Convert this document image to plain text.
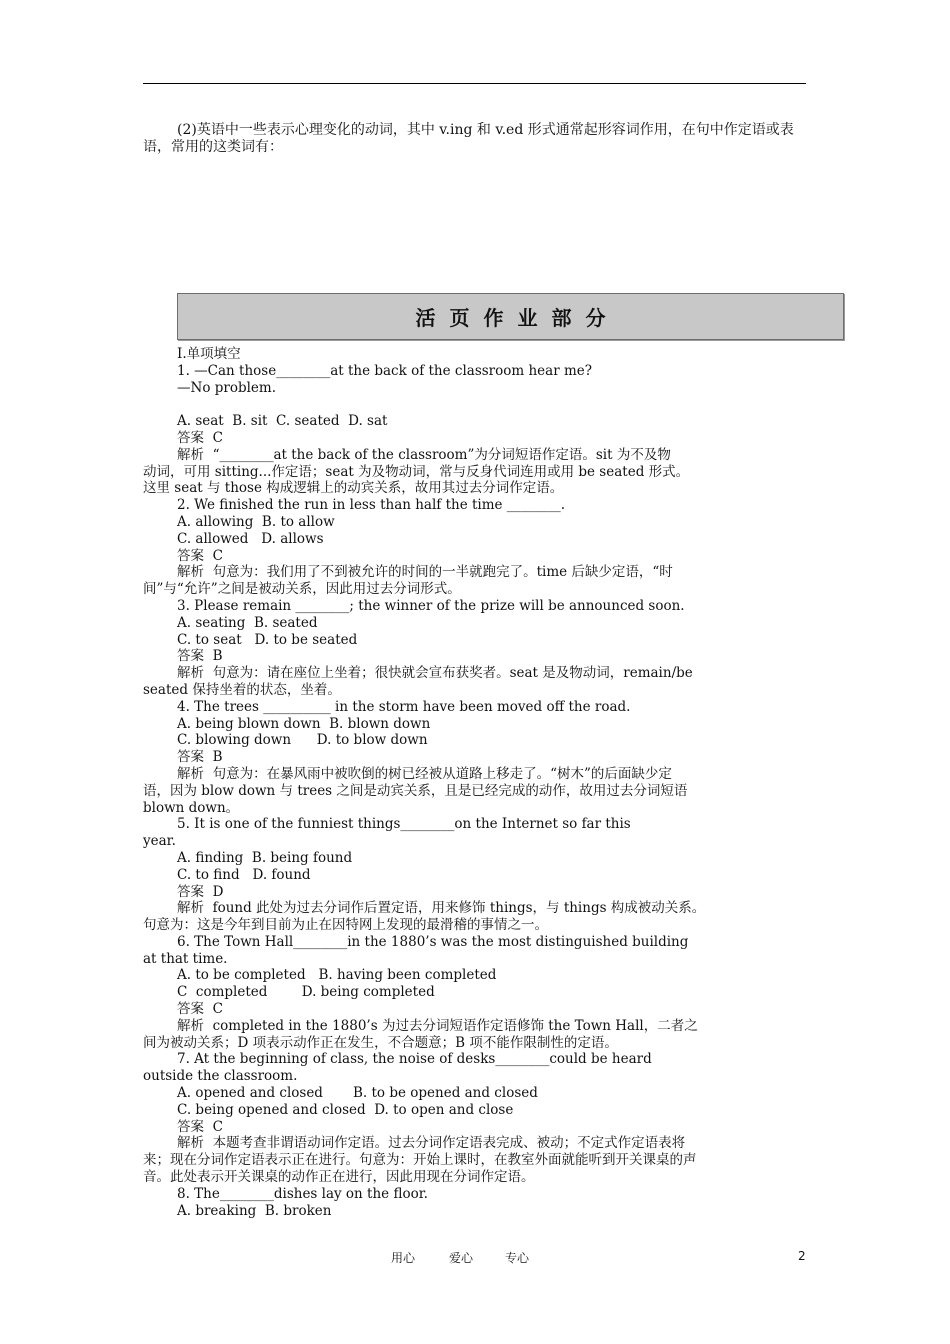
(2)英语中一些表示心理变化的动词，其中 v.ing 和 v.ed 形式通常起形容词作用，在句中作定语或表语，常用的这类词有：

活页作业部分
Ⅰ.单项填空
1. —Can those________at the back of the classroom hear me?
—No problem.
A. seat  B. sit  C. seated  D. sat
答案  C
解析  “________at the back of the classroom”为分词短语作定语。sit 为不及物
动词，可用 sitting...作定语；seat 为及物动词，常与反身代词连用或用 be seated 形式。
这里 seat 与 those 构成逻辑上的动宾关系，故用其过去分词作定语。
2. We finished the run in less than half the time ________.
A. allowing  B. to allow
C. allowed   D. allows
答案  C
解析  句意为：我们用了不到被允许的时间的一半就跑完了。time 后缺少定语，“时
间”与“允许”之间是被动关系，因此用过去分词形式。
3. Please remain ________; the winner of the prize will be announced soon.
A. seating  B. seated
C. to seat   D. to be seated
答案  B
解析  句意为：请在座位上坐着；很快就会宣布获奖者。seat 是及物动词，remain/be
seated 保持坐着的状态，坐着。
4. The trees __________ in the storm have been moved off the road.
A. being blown down  B. blown down
C. blowing down      D. to blow down
答案  B
解析  句意为：在暴风雨中被吹倒的树已经被从道路上移走了。“树木”的后面缺少定
语，因为 blow down 与 trees 之间是动宾关系，且是已经完成的动作，故用过去分词短语
blown down。
5. It is one of the funniest things________on the Internet so far this
year.
A. finding  B. being found
C. to find   D. found
答案  D
解析  found 此处为过去分词作后置定语，用来修饰 things，与 things 构成被动关系。
句意为：这是今年到目前为止在因特网上发现的最滑稽的事情之一。
6. The Town Hall________in the 1880’s was the most distinguished building
at that time.
A. to be completed   B. having been completed
C  completed        D. being completed
答案  C
解析  completed in the 1880’s 为过去分词短语作定语修饰 the Town Hall，二者之
间为被动关系；D 项表示动作正在发生，不合题意；B 项不能作限制性的定语。
7. At the beginning of class, the noise of desks________could be heard
outside the classroom.
A. opened and closed       B. to be opened and closed
C. being opened and closed  D. to open and close
答案  C
解析  本题考查非谓语动词作定语。过去分词作定语表完成、被动；不定式作定语表将
来；现在分词作定语表示正在进行。句意为：开始上课时，在教室外面就能听到开关课桌的声
音。此处表示开关课桌的动作正在进行，因此用现在分词作定语。
8. The________dishes lay on the floor.
A. breaking  B. broken
用心	爱心	专心	2
